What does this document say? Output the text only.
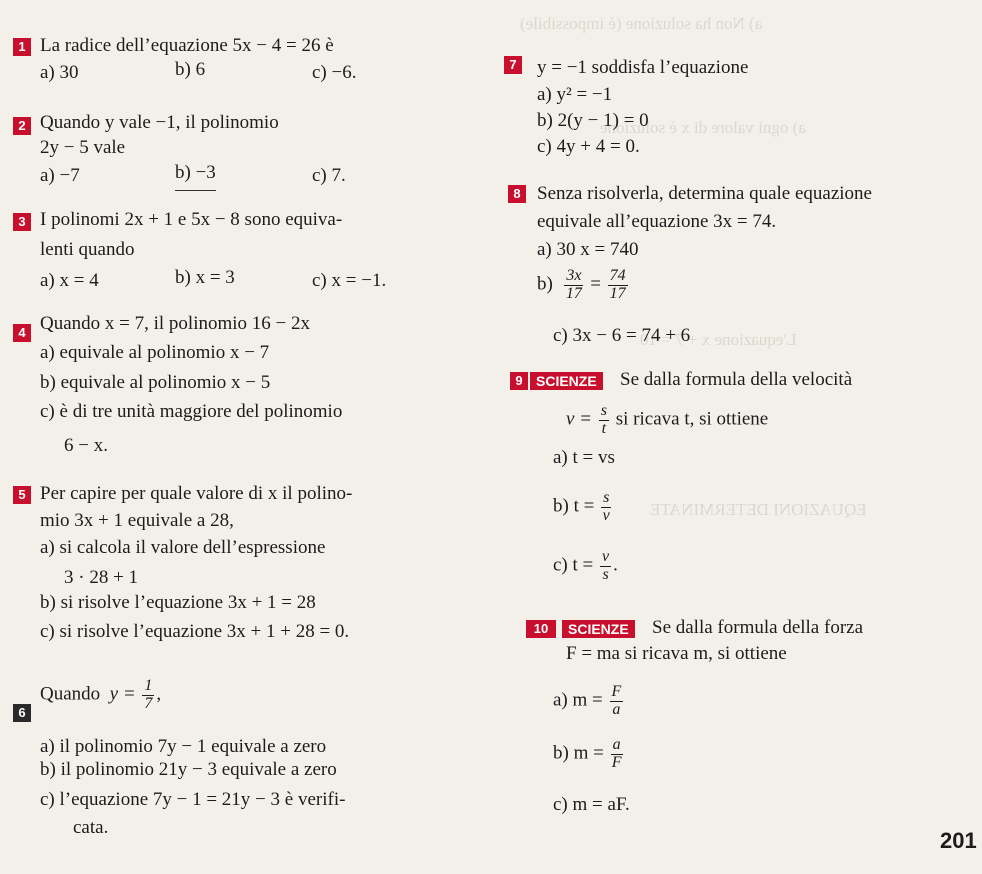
a) Non ha soluzione (è impossibile)
a) ogni valore di x è soluzione
L'equazione x + 7 = 10
EQUAZIONI DETERMINATE
1 La radice dell’equazione 5x − 4 = 26 è
a) 30	b) 6	c) −6.
2 Quando y vale −1, il polinomio
2y − 5 vale
a) −7	b) −3	c) 7.
3 I polinomi 2x + 1 e 5x − 8 sono equiva-
lenti quando
a) x = 4	b) x = 3	c) x = −1.
4 Quando x = 7, il polinomio 16 − 2x
a) equivale al polinomio x − 7
b) equivale al polinomio x − 5
c) è di tre unità maggiore del polinomio
6 − x.
5 Per capire per quale valore di x il polino-
mio 3x + 1 equivale a 28,
a) si calcola il valore dell’espressione
3 · 28 + 1
b) si risolve l’equazione 3x + 1 = 28
c) si risolve l’equazione 3x + 1 + 28 = 0.
6
Quando $y = \frac{1}{7}$ ,
a) il polinomio 7y − 1 equivale a zero
b) il polinomio 21y − 3 equivale a zero
c) l’equazione 7y − 1 = 21y − 3 è verifi-
cata.
7 y = −1 soddisfa l’equazione
a) y² = −1
b) 2(y − 1) = 0
c) 4y + 4 = 0.
8 Senza risolverla, determina quale equazione
equivale all’equazione 3x = 74.
a) 30 x = 740
$b) \frac{3x}{17} = \frac{74}{17}$
c) 3x − 6 = 74 + 6
9 SCIENZE	Se dalla formula della velocità
$v = \frac{s}{t}$ si ricava t, si ottiene
a) t = vs
b) $t = \frac{s}{v}$
c) $t = \frac{v}{s}$ .
10	SCIENZE	Se dalla formula della forza
F = ma si ricava m, si ottiene
a) $m = \frac{F}{a}$
b) $m = \frac{a}{F}$
c) m = aF.
201
